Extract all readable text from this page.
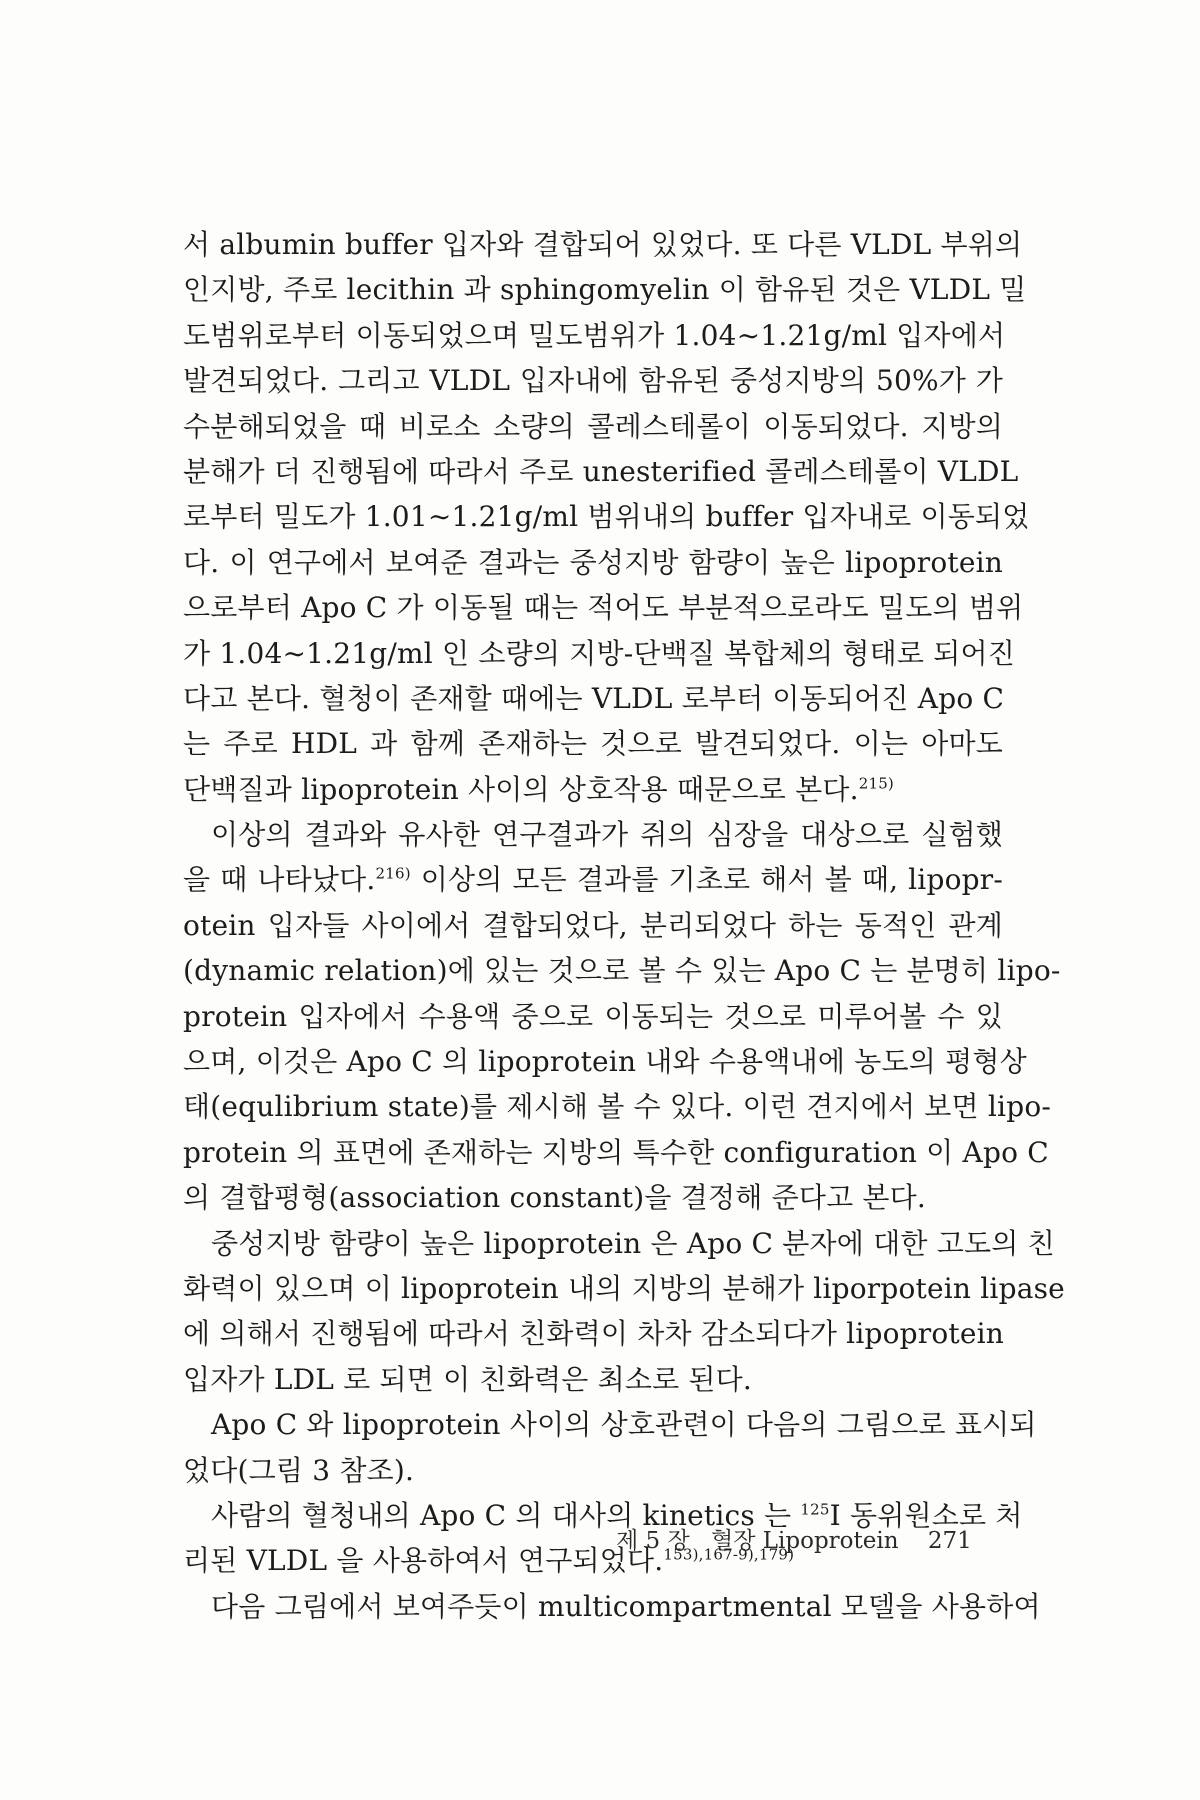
서 albumin buffer 입자와 결합되어 있었다. 또 다른 VLDL 부위의
인지방, 주로 lecithin 과 sphingomyelin 이 함유된 것은 VLDL 밀
도범위로부터 이동되었으며 밀도범위가 1.04∼1.21g/ml 입자에서
발견되었다. 그리고 VLDL 입자내에 함유된 중성지방의 50%가 가
수분해되었을 때 비로소 소량의 콜레스테롤이 이동되었다. 지방의
분해가 더 진행됨에 따라서 주로 unesterified 콜레스테롤이 VLDL
로부터 밀도가 1.01∼1.21g/ml 범위내의 buffer 입자내로 이동되었
다. 이 연구에서 보여준 결과는 중성지방 함량이 높은 lipoprotein
으로부터 Apo C 가 이동될 때는 적어도 부분적으로라도 밀도의 범위
가 1.04∼1.21g/ml 인 소량의 지방-단백질 복합체의 형태로 되어진
다고 본다. 혈청이 존재할 때에는 VLDL 로부터 이동되어진 Apo C
는 주로 HDL 과 함께 존재하는 것으로 발견되었다. 이는 아마도
단백질과 lipoprotein 사이의 상호작용 때문으로 본다.$^{215)}$
이상의 결과와 유사한 연구결과가 쥐의 심장을 대상으로 실험했
을 때 나타났다.$^{216)}$ 이상의 모든 결과를 기초로 해서 볼 때, lipopr-
otein 입자들 사이에서 결합되었다, 분리되었다 하는 동적인 관계
(dynamic relation)에 있는 것으로 볼 수 있는 Apo C 는 분명히 lipo-
protein 입자에서 수용액 중으로 이동되는 것으로 미루어볼 수 있
으며, 이것은 Apo C 의 lipoprotein 내와 수용액내에 농도의 평형상
태(equlibrium state)를 제시해 볼 수 있다. 이런 견지에서 보면 lipo-
protein 의 표면에 존재하는 지방의 특수한 configuration 이 Apo C
의 결합평형(association constant)을 결정해 준다고 본다.
중성지방 함량이 높은 lipoprotein 은 Apo C 분자에 대한 고도의 친
화력이 있으며 이 lipoprotein 내의 지방의 분해가 liporpotein lipase
에 의해서 진행됨에 따라서 친화력이 차차 감소되다가 lipoprotein
입자가 LDL 로 되면 이 친화력은 최소로 된다.
Apo C 와 lipoprotein 사이의 상호관련이 다음의 그림으로 표시되
었다(그림 3 참조).
사람의 혈청내의 Apo C 의 대사의 kinetics 는 $^{125}$I 동위원소로 처
리된 VLDL 을 사용하여서 연구되었다.$^{153),167-9),179)}$
다음 그림에서 보여주듯이 multicompartmental 모델을 사용하여
제 5 장 혈장 Lipoprotein 271
